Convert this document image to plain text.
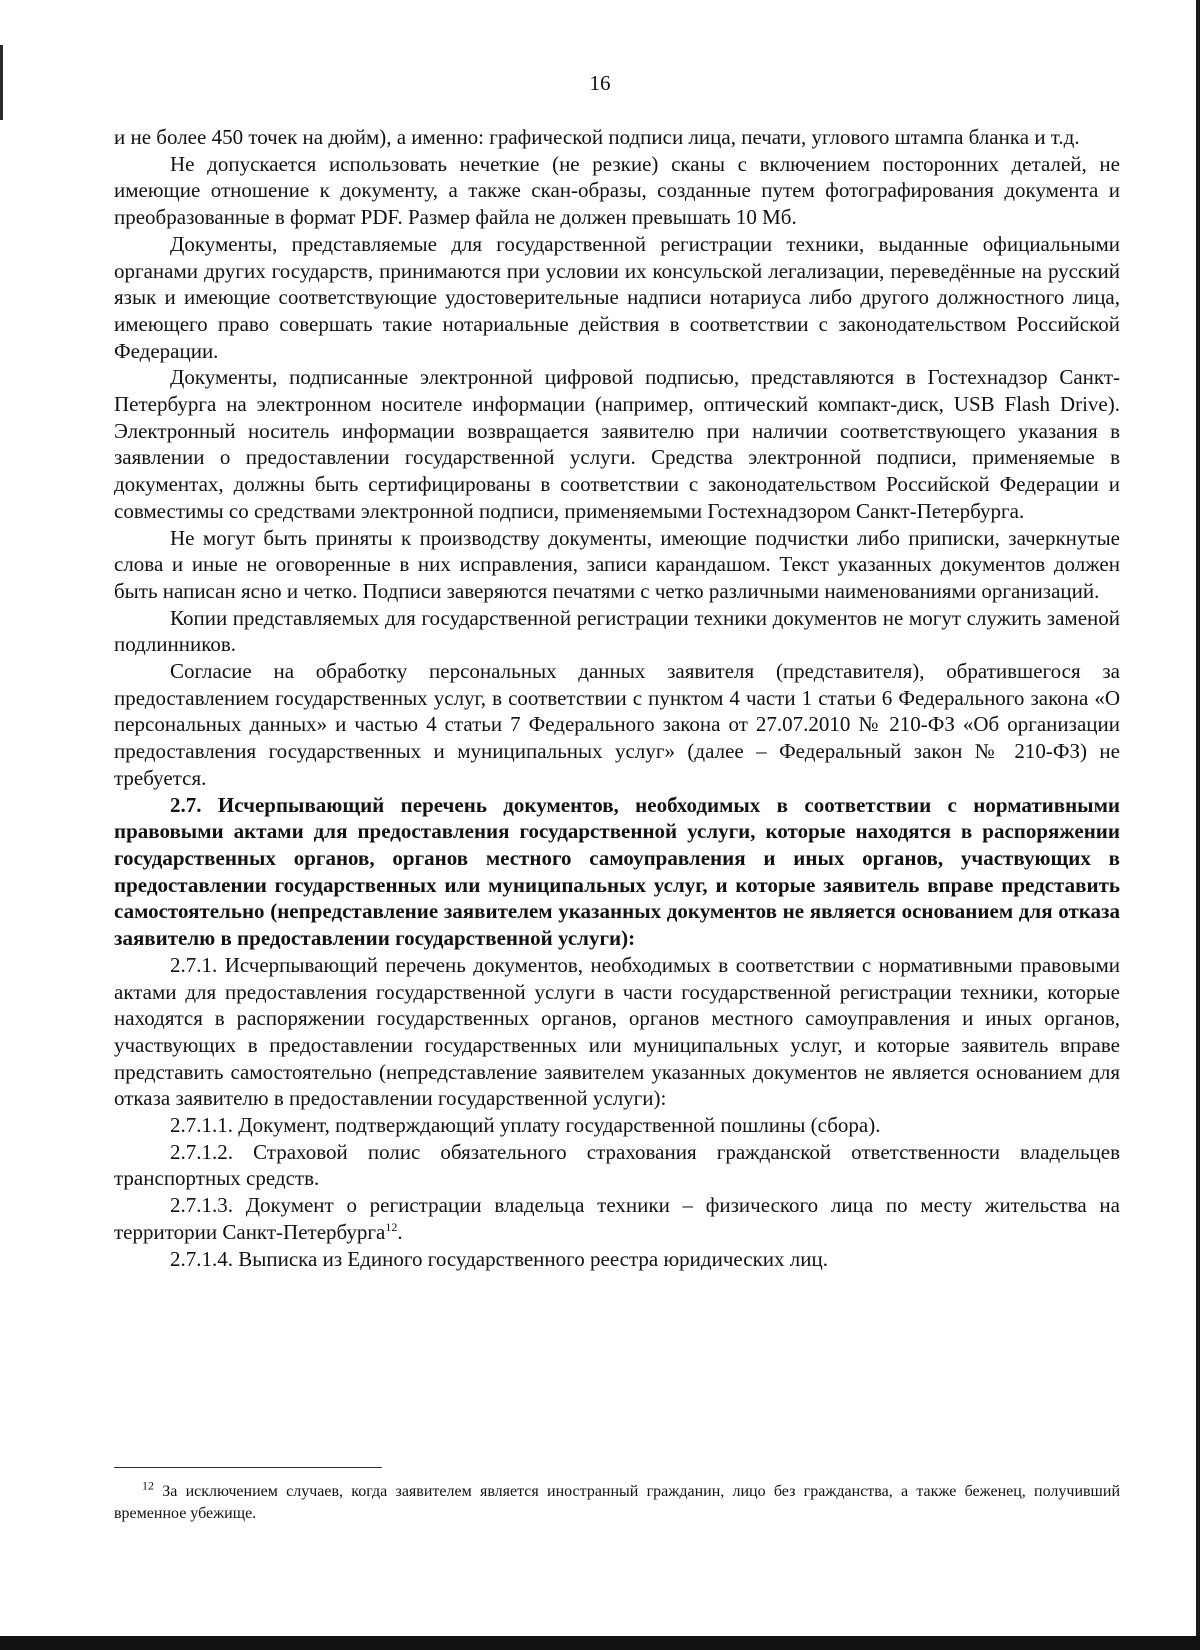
16

и не более 450 точек на дюйм), а именно: графической подписи лица, печати, углового штампа бланка и т.д.

Не допускается использовать нечеткие (не резкие) сканы с включением посторонних деталей, не имеющие отношение к документу, а также скан-образы, созданные путем фотографирования документа и преобразованные в формат PDF. Размер файла не должен превышать 10 Мб.

Документы, представляемые для государственной регистрации техники, выданные официальными органами других государств, принимаются при условии их консульской легализации, переведённые на русский язык и имеющие соответствующие удостоверительные надписи нотариуса либо другого должностного лица, имеющего право совершать такие нотариальные действия в соответствии с законодательством Российской Федерации.

Документы, подписанные электронной цифровой подписью, представляются в Гостехнадзор Санкт-Петербурга на электронном носителе информации (например, оптический компакт-диск, USB Flash Drive). Электронный носитель информации возвращается заявителю при наличии соответствующего указания в заявлении о предоставлении государственной услуги. Средства электронной подписи, применяемые в документах, должны быть сертифицированы в соответствии с законодательством Российской Федерации и совместимы со средствами электронной подписи, применяемыми Гостехнадзором Санкт-Петербурга.

Не могут быть приняты к производству документы, имеющие подчистки либо приписки, зачеркнутые слова и иные не оговоренные в них исправления, записи карандашом. Текст указанных документов должен быть написан ясно и четко. Подписи заверяются печатями с четко различными наименованиями организаций.

Копии представляемых для государственной регистрации техники документов не могут служить заменой подлинников.

Согласие на обработку персональных данных заявителя (представителя), обратившегося за предоставлением государственных услуг, в соответствии с пунктом 4 части 1 статьи 6 Федерального закона «О персональных данных» и частью 4 статьи 7 Федерального закона от 27.07.2010 № 210-ФЗ «Об организации предоставления государственных и муниципальных услуг» (далее – Федеральный закон № 210-ФЗ) не требуется.

2.7. Исчерпывающий перечень документов, необходимых в соответствии с нормативными правовыми актами для предоставления государственной услуги, которые находятся в распоряжении государственных органов, органов местного самоуправления и иных органов, участвующих в предоставлении государственных или муниципальных услуг, и которые заявитель вправе представить самостоятельно (непредставление заявителем указанных документов не является основанием для отказа заявителю в предоставлении государственной услуги):

2.7.1. Исчерпывающий перечень документов, необходимых в соответствии с нормативными правовыми актами для предоставления государственной услуги в части государственной регистрации техники, которые находятся в распоряжении государственных органов, органов местного самоуправления и иных органов, участвующих в предоставлении государственных или муниципальных услуг, и которые заявитель вправе представить самостоятельно (непредставление заявителем указанных документов не является основанием для отказа заявителю в предоставлении государственной услуги):

2.7.1.1. Документ, подтверждающий уплату государственной пошлины (сбора).

2.7.1.2. Страховой полис обязательного страхования гражданской ответственности владельцев транспортных средств.

2.7.1.3. Документ о регистрации владельца техники – физического лица по месту жительства на территории Санкт-Петербурга$^{12}$.

2.7.1.4. Выписка из Единого государственного реестра юридических лиц.

$^{12}$ За исключением случаев, когда заявителем является иностранный гражданин, лицо без гражданства, а также беженец, получивший временное убежище.
